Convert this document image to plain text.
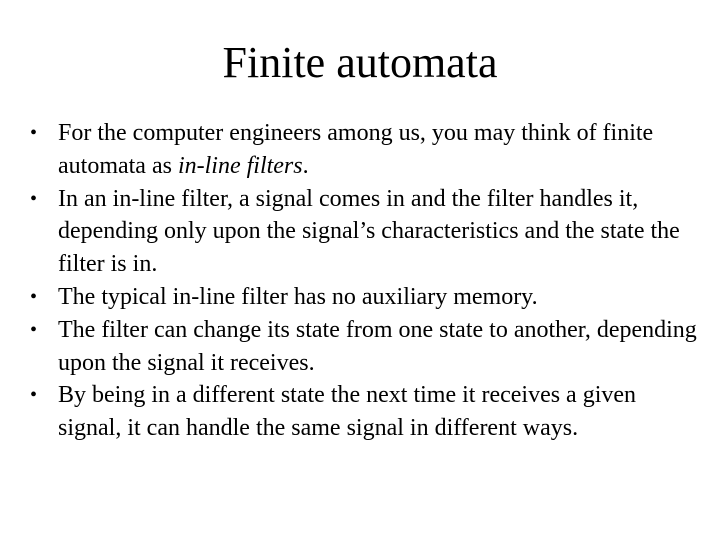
Finite automata
• For the computer engineers among us, you may think of finite automata as in-line filters.
• In an in-line filter, a signal comes in and the filter handles it, depending only upon the signal’s characteristics and the state the filter is in.
• The typical in-line filter has no auxiliary memory.
• The filter can change its state from one state to another, depending upon the signal it receives.
• By being in a different state the next time it receives a given signal, it can handle the same signal in different ways.
